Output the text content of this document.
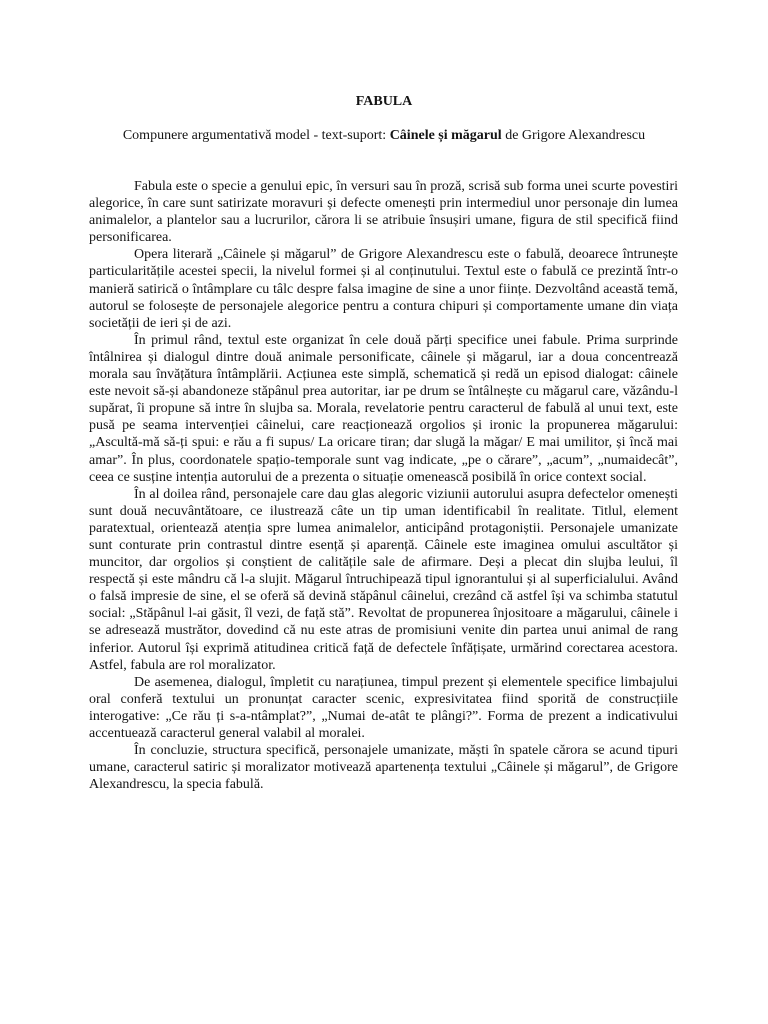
FABULA
Compunere argumentativă model - text-suport: Câinele și măgarul de Grigore Alexandrescu

Fabula este o specie a genului epic, în versuri sau în proză, scrisă sub forma unei scurte povestiri alegorice, în care sunt satirizate moravuri și defecte omenești prin intermediul unor personaje din lumea animalelor, a plantelor sau a lucrurilor, cărora li se atribuie însușiri umane, figura de stil specifică fiind personificarea.

Opera literară „Câinele și măgarul” de Grigore Alexandrescu este o fabulă, deoarece întrunește particularitățile acestei specii, la nivelul formei și al conținutului. Textul este o fabulă ce prezintă într-o manieră satirică o întâmplare cu tâlc despre falsa imagine de sine a unor ființe. Dezvoltând această temă, autorul se folosește de personajele alegorice pentru a contura chipuri și comportamente umane din viața societății de ieri și de azi.

În primul rând, textul este organizat în cele două părți specifice unei fabule. Prima surprinde întâlnirea și dialogul dintre două animale personificate, câinele și măgarul, iar a doua concentrează morala sau învățătura întâmplării. Acțiunea este simplă, schematică și redă un episod dialogat: câinele este nevoit să-și abandoneze stăpânul prea autoritar, iar pe drum se întâlnește cu măgarul care, văzându-l supărat, îi propune să intre în slujba sa. Morala, revelatorie pentru caracterul de fabulă al unui text, este pusă pe seama intervenției câinelui, care reacționează orgolios și ironic la propunerea măgarului: „Ascultă-mă să-ți spui: e rău a fi supus/ La oricare tiran; dar slugă la măgar/ E mai umilitor, și încă mai amar”. În plus, coordonatele spațio-temporale sunt vag indicate, „pe o cărare”, „acum”, „numaidecât”, ceea ce susține intenția autorului de a prezenta o situație omenească posibilă în orice context social.

În al doilea rând, personajele care dau glas alegoric viziunii autorului asupra defectelor omenești sunt două necuvântătoare, ce ilustrează câte un tip uman identificabil în realitate. Titlul, element paratextual, orientează atenția spre lumea animalelor, anticipând protagoniștii. Personajele umanizate sunt conturate prin contrastul dintre esență și aparență. Câinele este imaginea omului ascultător și muncitor, dar orgolios și conștient de calitățile sale de afirmare. Deși a plecat din slujba leului, îl respectă și este mândru că l-a slujit. Măgarul întruchipează tipul ignorantului și al superficialului. Având o falsă impresie de sine, el se oferă să devină stăpânul câinelui, crezând că astfel își va schimba statutul social: „Stăpânul l-ai găsit, îl vezi, de față stă”. Revoltat de propunerea înjositoare a măgarului, câinele i se adresează mustrător, dovedind că nu este atras de promisiuni venite din partea unui animal de rang inferior. Autorul își exprimă atitudinea critică față de defectele înfățișate, urmărind corectarea acestora. Astfel, fabula are rol moralizator.

De asemenea, dialogul, împletit cu narațiunea, timpul prezent și elementele specifice limbajului oral conferă textului un pronunțat caracter scenic, expresivitatea fiind sporită de construcțiile interogative: „Ce rău ți s-a-ntâmplat?”, „Numai de-atât te plângi?”. Forma de prezent a indicativului accentuează caracterul general valabil al moralei.

În concluzie, structura specifică, personajele umanizate, măști în spatele cărora se acund tipuri umane, caracterul satiric și moralizator motivează apartenența textului „Câinele și măgarul”, de Grigore Alexandrescu, la specia fabulă.
